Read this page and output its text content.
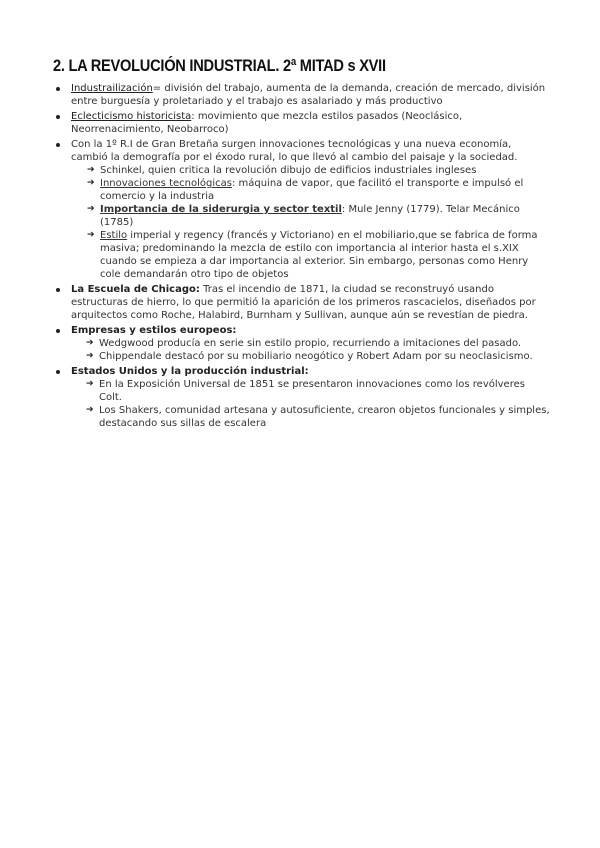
2. LA REVOLUCIÓN INDUSTRIAL. 2ª MITAD s XVII
Industrailización= división del trabajo, aumenta de la demanda, creación de mercado, división entre burguesía y proletariado y el trabajo es asalariado y más productivo
Eclecticismo historicista: movimiento que mezcla estilos pasados (Neoclásico, Neorrenacimiento, Neobarroco)
Con la 1º R.I de Gran Bretaña surgen innovaciones tecnológicas y una nueva economía, cambió la demografía por el éxodo rural, lo que llevó al cambio del paisaje y la sociedad.
➔ Schinkel, quien critica la revolución dibujo de edificios industriales ingleses
➔ Innovaciones tecnológicas: máquina de vapor, que facilitó el transporte e impulsó el comercio y la industria
➔ Importancia de la siderurgia y sector textil: Mule Jenny (1779). Telar Mecánico (1785)
➔ Estilo imperial y regency (francés y Victoriano) en el mobiliario,que se fabrica de forma masiva; predominando la mezcla de estilo con importancia al interior hasta el s.XIX cuando se empieza a dar importancia al exterior. Sin embargo, personas como Henry cole demandarán otro tipo de objetos
La Escuela de Chicago: Tras el incendio de 1871, la ciudad se reconstruyó usando estructuras de hierro, lo que permitió la aparición de los primeros rascacielos, diseñados por arquitectos como Roche, Halabird, Burnham y Sullivan, aunque aún se revestían de piedra.
Empresas y estilos europeos:
➔ Wedgwood producía en serie sin estilo propio, recurriendo a imitaciones del pasado.
➔ Chippendale destacó por su mobiliario neogótico y Robert Adam por su neoclasicismo.
Estados Unidos y la producción industrial:
➔ En la Exposición Universal de 1851 se presentaron innovaciones como los revólveres Colt.
➔ Los Shakers, comunidad artesana y autosuficiente, crearon objetos funcionales y simples, destacando sus sillas de escalera
